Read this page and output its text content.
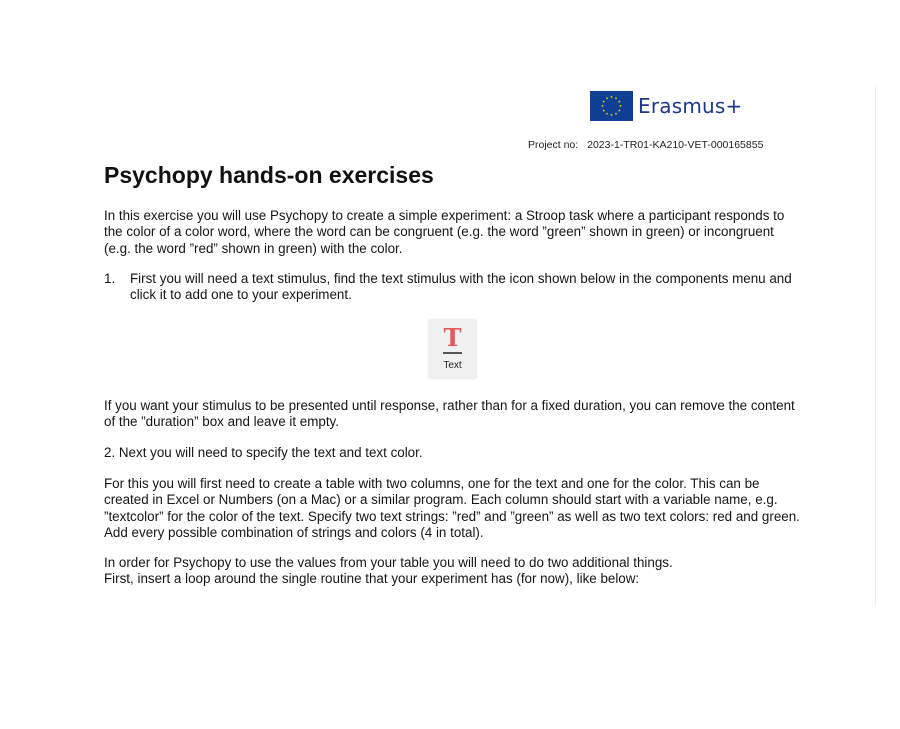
Erasmus+
Project no: 2023-1-TR01-KA210-VET-000165855
Psychopy hands-on exercises

In this exercise you will use Psychopy to create a simple experiment: a Stroop task where a participant responds to the color of a color word, where the word can be congruent (e.g. the word ”green” shown in green) or incongruent (e.g. the word ”red” shown in green) with the color.

1.	First you will need a text stimulus, find the text stimulus with the icon shown below in the components menu and click it to add one to your experiment.
T
Text

If you want your stimulus to be presented until response, rather than for a fixed duration, you can remove the content of the ”duration” box and leave it empty.

2. Next you will need to specify the text and text color.

For this you will first need to create a table with two columns, one for the text and one for the color. This can be created in Excel or Numbers (on a Mac) or a similar program. Each column should start with a variable name, e.g. ”textcolor” for the color of the text. Specify two text strings: ”red” and ”green” as well as two text colors: red and green. Add every possible combination of strings and colors (4 in total).

In order for Psychopy to use the values from your table you will need to do two additional things.

First, insert a loop around the single routine that your experiment has (for now), like below:
